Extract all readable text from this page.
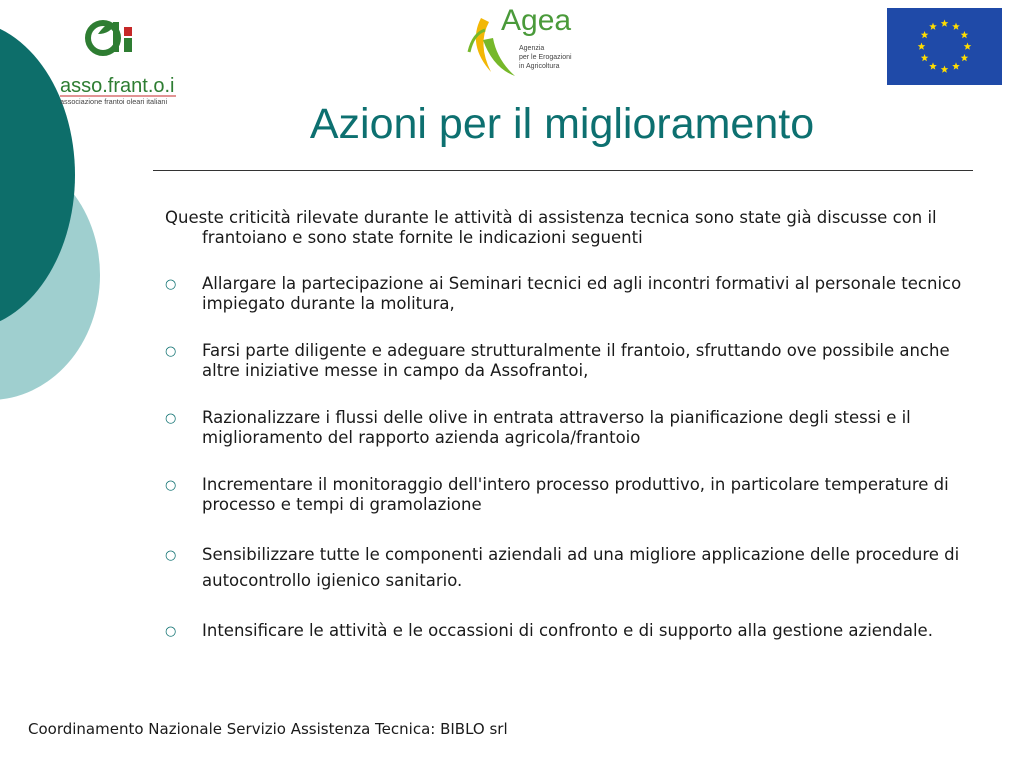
asso.frant.o.i
associazione frantoi oleari italiani
Agea
Agenzia
per le Erogazioni
in Agricoltura
Azioni per il miglioramento

Queste criticità rilevate durante le attività di assistenza tecnica sono state già discusse con il frantoiano e sono state fornite le indicazioni seguenti

○ Allargare la partecipazione ai Seminari tecnici ed agli incontri formativi al personale tecnico impiegato durante la molitura,
○ Farsi parte diligente e adeguare strutturalmente il frantoio, sfruttando ove possibile anche altre iniziative messe in campo da Assofrantoi,
○ Razionalizzare i flussi delle olive in entrata attraverso la pianificazione degli stessi e il miglioramento del rapporto azienda agricola/frantoio
○ Incrementare il monitoraggio dell'intero processo produttivo, in particolare temperature di processo e tempi di gramolazione
○ Sensibilizzare tutte le componenti aziendali ad una migliore applicazione delle procedure di autocontrollo igienico sanitario.
○ Intensificare le attività e le occassioni di confronto e di supporto alla gestione aziendale.
Coordinamento Nazionale Servizio Assistenza Tecnica: BIBLO srl
